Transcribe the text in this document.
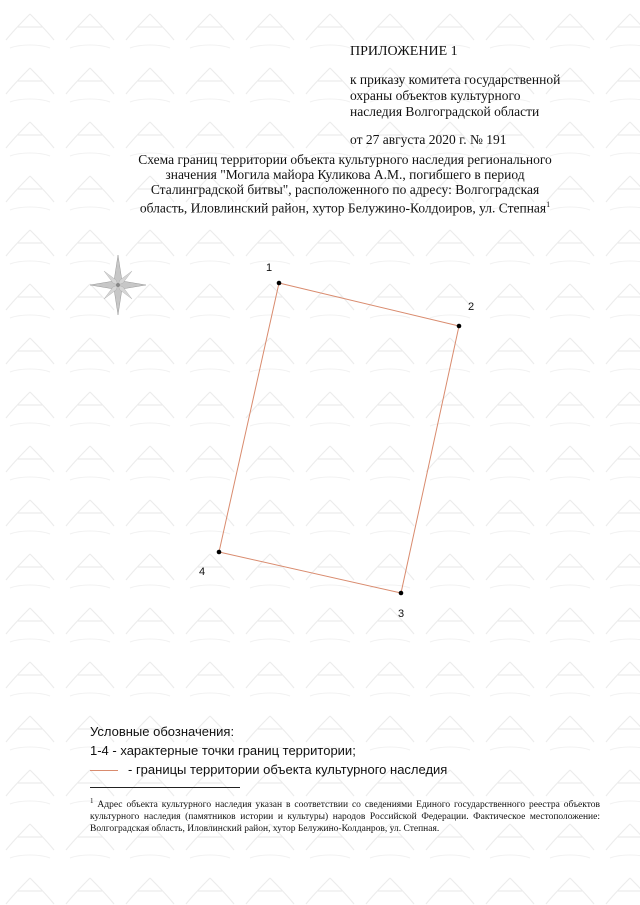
ПРИЛОЖЕНИЕ 1
к приказу комитета государственной
охраны объектов культурного
наследия Волгоградской области
от 27 августа 2020 г. № 191
Схема границ территории объекта культурного наследия регионального
значения "Могила майора Куликова А.М., погибшего в период
Сталинградской битвы", расположенного по адресу: Волгоградская
область, Иловлинский район, хутор Белужино-Колдоиров, ул. Степная$^1$
1
2
3
4
Условные обозначения:
1-4 - характерные точки границ территории;
- границы территории объекта культурного наследия
$^1$ Адрес объекта культурного наследия указан в соответствии со сведениями Единого государственного реестра объектов культурного наследия (памятников истории и культуры) народов Российской Федерации. Фактическое местоположение: Волгоградская область, Иловлинский район, хутор Белужино-Колданров, ул. Степная.
